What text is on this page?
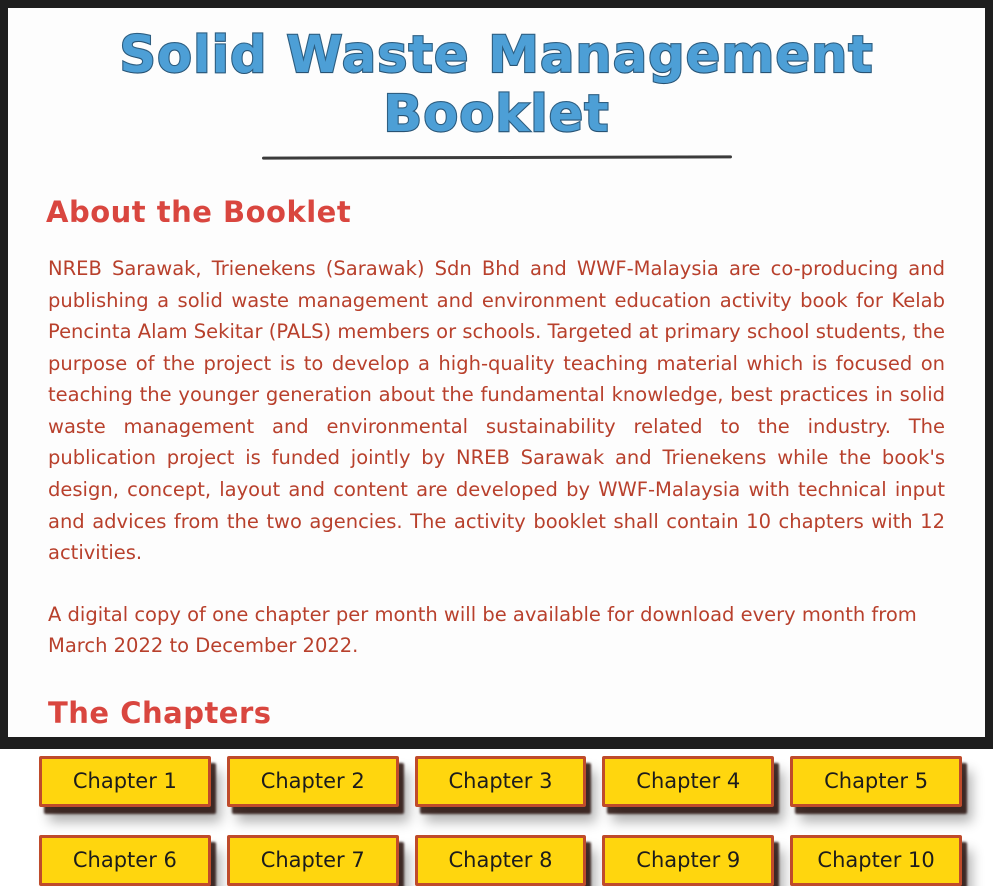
Solid Waste Management Booklet
About the Booklet

NREB Sarawak, Trienekens (Sarawak) Sdn Bhd and WWF-Malaysia are co-producing and publishing a solid waste management and environment education activity book for Kelab Pencinta Alam Sekitar (PALS) members or schools. Targeted at primary school students, the purpose of the project is to develop a high-quality teaching material which is focused on teaching the younger generation about the fundamental knowledge, best practices in solid waste management and environmental sustainability related to the industry. The publication project is funded jointly by NREB Sarawak and Trienekens while the book's design, concept, layout and content are developed by WWF-Malaysia with technical input and advices from the two agencies. The activity booklet shall contain 10 chapters with 12 activities.

A digital copy of one chapter per month will be available for download every month from March 2022 to December 2022.

The Chapters
Chapter 1	Chapter 2	Chapter 3	Chapter 4	Chapter 5
Chapter 6	Chapter 7	Chapter 8	Chapter 9	Chapter 10
